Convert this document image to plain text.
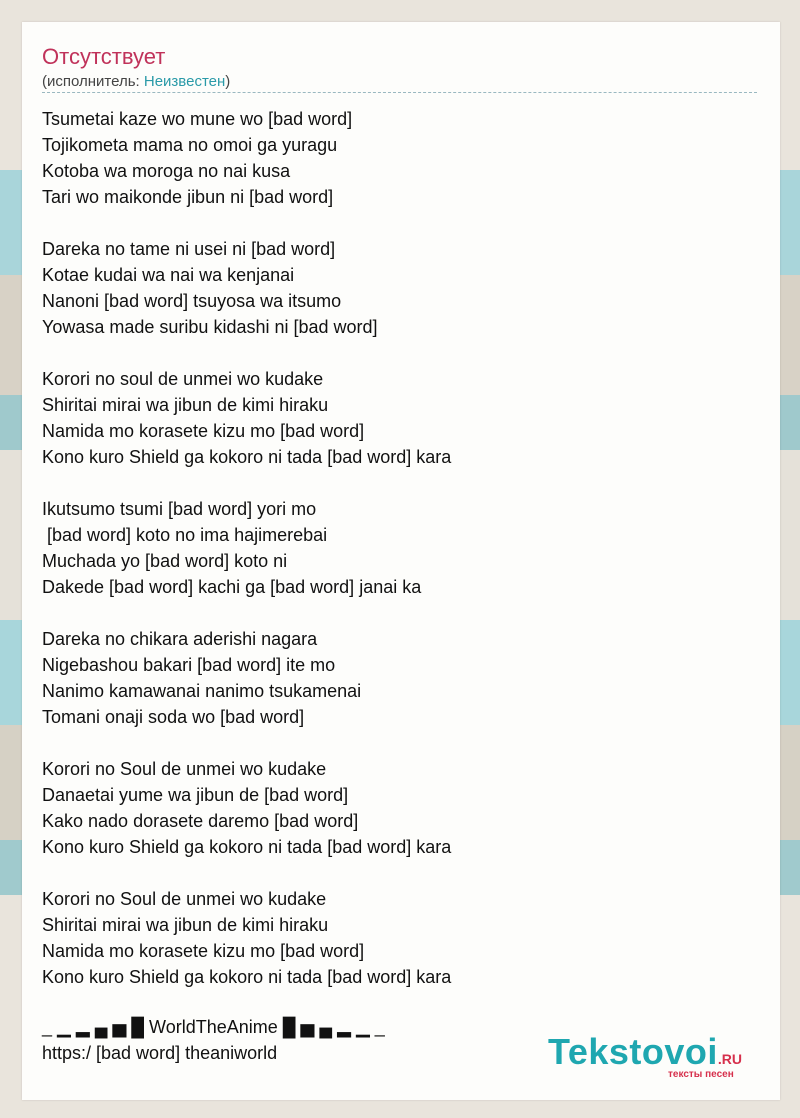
Отсутствует
(исполнитель: Неизвестен)
Tsumetai kaze wo mune wo [bad word]
Tojikometa mama no omoi ga yuragu
Kotoba wa moroga no nai kusa
Tari wo maikonde jibun ni [bad word]
Dareka no tame ni usei ni [bad word]
Kotae kudai wa nai wa kenjanai
Nanoni [bad word] tsuyosa wa itsumo
Yowasa made suribu kidashi ni [bad word]
Korori no soul de unmei wo kudake
Shiritai mirai wa jibun de kimi hiraku
Namida mo korasete kizu mo [bad word]
Kono kuro Shield ga kokoro ni tada [bad word] kara
Ikutsumo tsumi [bad word] yori mo
[bad word] koto no ima hajimerebai
Muchada yo [bad word] koto ni
Dakede [bad word] kachi ga [bad word] janai ka
Dareka no chikara aderishi nagara
Nigebashou bakari [bad word] ite mo
Nanimo kamawanai nanimo tsukamenai
Tomani onaji soda wo [bad word]
Korori no Soul de unmei wo kudake
Danaetai yume wa jibun de [bad word]
Kako nado dorasete daremo [bad word]
Kono kuro Shield ga kokoro ni tada [bad word] kara
Korori no Soul de unmei wo kudake
Shiritai mirai wa jibun de kimi hiraku
Namida mo korasete kizu mo [bad word]
Kono kuro Shield ga kokoro ni tada [bad word] kara
_ ▁ ▂ ▄ ▅ █ WorldTheAnime █ ▅ ▄ ▂ ▁ _
https:/ [bad word] theaniworld	Tekstovoi.RU
тексты песен
